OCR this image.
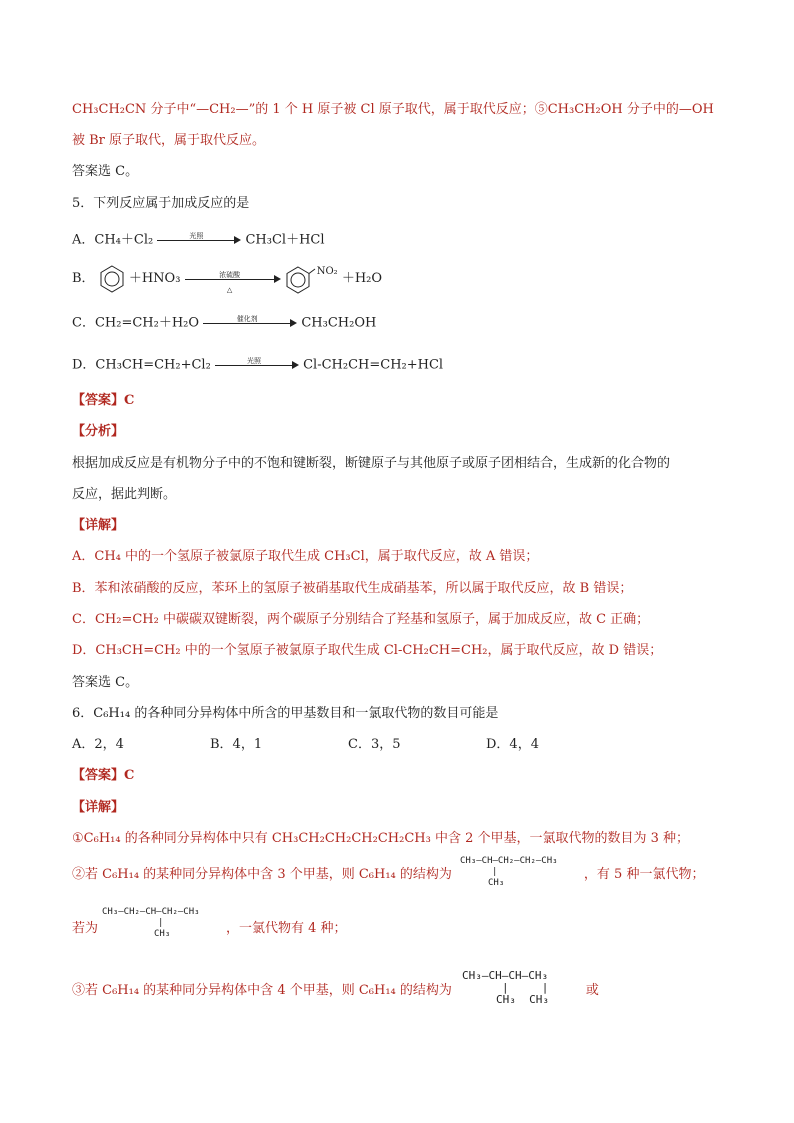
CH₃CH₂CN 分子中“—CH₂—”的 1 个 H 原子被 Cl 原子取代，属于取代反应；⑤CH₃CH₂OH 分子中的—OH
被 Br 原子取代，属于取代反应。
答案选 C。
5．下列反应属于加成反应的是
A．CH₄＋Cl₂	光照	CH₃Cl＋HCl
B．	＋HNO₃	浓硫酸
△
$^{NO_2}$ ＋H₂O
C．CH₂=CH₂＋H₂O	催化剂	CH₃CH₂OH
D．CH₃CH=CH₂+Cl₂	光照	Cl-CH₂CH=CH₂+HCl
【答案】C
【分析】
根据加成反应是有机物分子中的不饱和键断裂，断键原子与其他原子或原子团相结合，生成新的化合物的
反应，据此判断。
【详解】
A．CH₄ 中的一个氢原子被氯原子取代生成 CH₃Cl，属于取代反应，故 A 错误；
B．苯和浓硝酸的反应，苯环上的氢原子被硝基取代生成硝基苯，所以属于取代反应，故 B 错误；
C．CH₂=CH₂ 中碳碳双键断裂，两个碳原子分别结合了羟基和氢原子，属于加成反应，故 C 正确；
D．CH₃CH=CH₂ 中的一个氢原子被氯原子取代生成 Cl-CH₂CH=CH₂，属于取代反应，故 D 错误；
答案选 C。
6．C₆H₁₄ 的各种同分异构体中所含的甲基数目和一氯取代物的数目可能是
A．2，4	B．4，1	C．3，5	D．4，4
【答案】C
【详解】
①C₆H₁₄ 的各种同分异构体中只有 CH₃CH₂CH₂CH₂CH₂CH₃ 中含 2 个甲基，一氯取代物的数目为 3 种；
②若 C₆H₁₄ 的某种同分异构体中含 3 个甲基，则 C₆H₁₄ 的结构为	，有 5 种一氯代物；
CH₃—CH—CH₂—CH₂—CH₃
|
CH₃
若为	，一氯代物有 4 种；
CH₃—CH₂—CH—CH₂—CH₃
|
CH₃
③若 C₆H₁₄ 的某种同分异构体中含 4 个甲基，则 C₆H₁₄ 的结构为	或
CH₃—CH—CH—CH₃
|     |
CH₃  CH₃
